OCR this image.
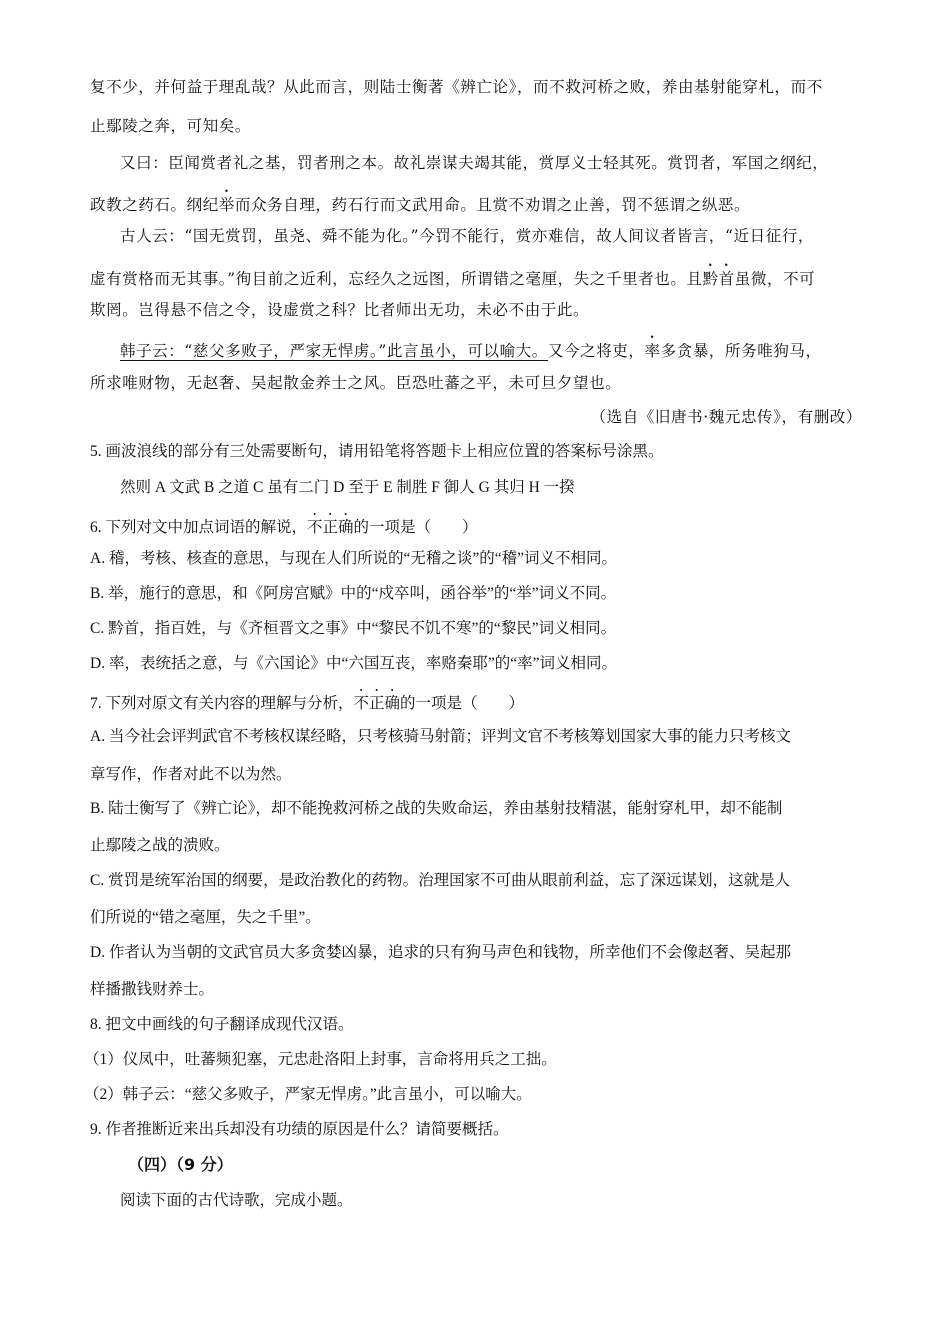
复不少，并何益于理乱哉？从此而言，则陆士衡著《辨亡论》，而不救河桥之败，养由基射能穿札，而不
止鄢陵之奔，可知矣。
又曰：臣闻赏者礼之基，罚者刑之本。故礼崇谋夫竭其能，赏厚义士轻其死。赏罚者，军国之纲纪，
政教之药石。纲纪举而众务自理，药石行而文武用命。且赏不劝谓之止善，罚不惩谓之纵恶。
古人云：“国无赏罚，虽尧、舜不能为化。”今罚不能行，赏亦难信，故人间议者皆言，“近日征行，
虚有赏格而无其事。”徇目前之近利，忘经久之远图，所谓错之毫厘，失之千里者也。且黔首虽微，不可
欺罔。岂得悬不信之令，设虚赏之科？比者师出无功，未必不由于此。
韩子云：“慈父多败子，严家无悍虏。”此言虽小，可以喻大。又今之将吏，率多贪暴，所务唯狗马，
所求唯财物，无赵奢、吴起散金养士之风。臣恐吐蕃之平，未可旦夕望也。
（选自《旧唐书·魏元忠传》，有删改）
5. 画波浪线的部分有三处需要断句，请用铅笔将答题卡上相应位置的答案标号涂黑。
然则 A 文武 B 之道 C 虽有二门 D 至于 E 制胜 F 御人 G 其归 H 一揆
6. 下列对文中加点词语的解说，不正确的一项是（　　）
A. 稽，考核、核查的意思，与现在人们所说的“无稽之谈”的“稽”词义不相同。
B. 举，施行的意思，和《阿房宫赋》中的“戍卒叫，函谷举”的“举”词义不同。
C. 黔首，指百姓，与《齐桓晋文之事》中“黎民不饥不寒”的“黎民”词义相同。
D. 率，表统括之意，与《六国论》中“六国互丧，率赂秦耶”的“率”词义相同。
7. 下列对原文有关内容的理解与分析，不正确的一项是（　　）
A. 当今社会评判武官不考核权谋经略，只考核骑马射箭；评判文官不考核筹划国家大事的能力只考核文
章写作，作者对此不以为然。
B. 陆士衡写了《辨亡论》，却不能挽救河桥之战的失败命运，养由基射技精湛，能射穿札甲，却不能制
止鄢陵之战的溃败。
C. 赏罚是统军治国的纲要，是政治教化的药物。治理国家不可曲从眼前利益，忘了深远谋划，这就是人
们所说的“错之毫厘，失之千里”。
D. 作者认为当朝的文武官员大多贪婪凶暴，追求的只有狗马声色和钱物，所幸他们不会像赵奢、吴起那
样播撒钱财养士。
8. 把文中画线的句子翻译成现代汉语。
（1）仪凤中，吐蕃频犯塞，元忠赴洛阳上封事，言命将用兵之工拙。
（2）韩子云：“慈父多败子，严家无悍虏。”此言虽小，可以喻大。
9. 作者推断近来出兵却没有功绩的原因是什么？请简要概括。
（四）（9 分）
阅读下面的古代诗歌，完成小题。
